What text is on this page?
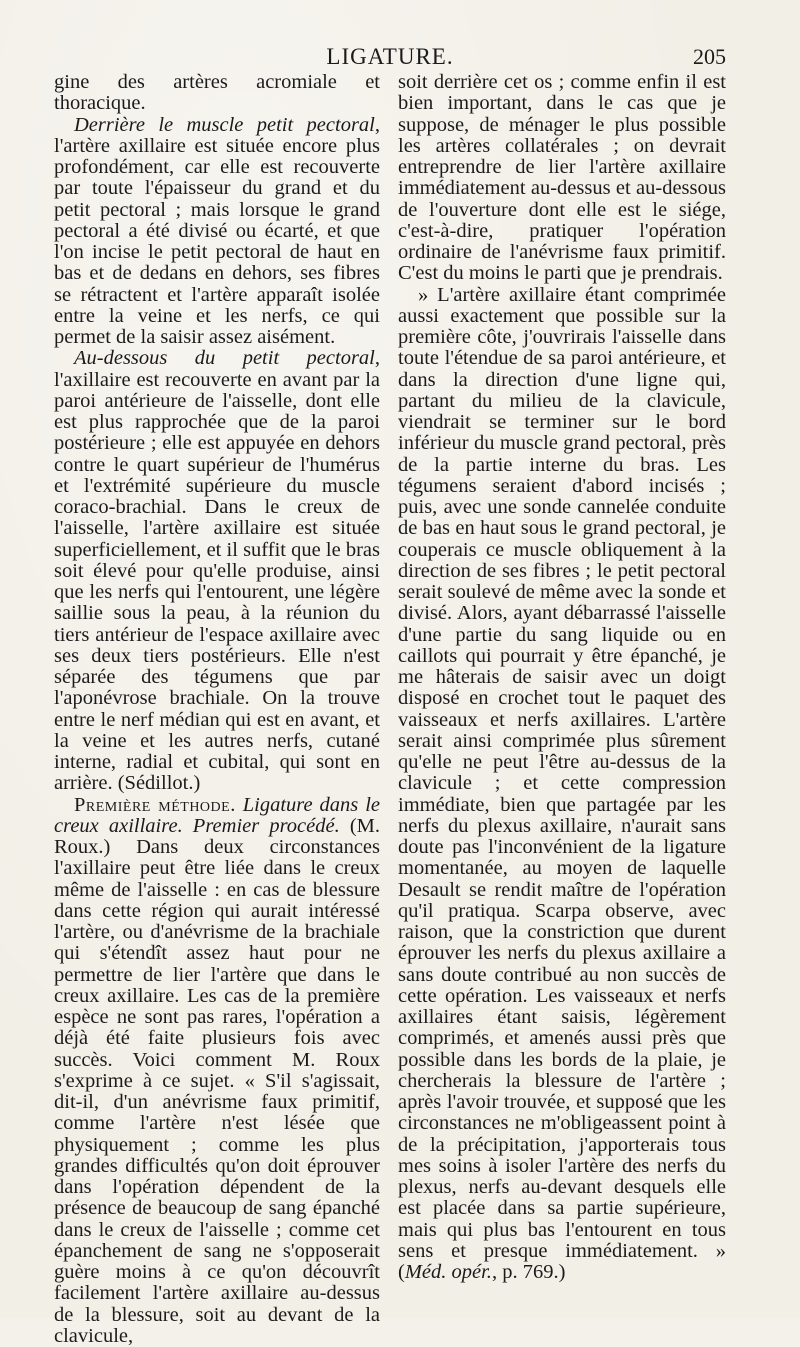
LIGATURE.	205

gine des artères acromiale et thoracique.

Derrière le muscle petit pectoral, l'artère axillaire est située encore plus profondément, car elle est recouverte par toute l'épaisseur du grand et du petit pectoral ; mais lorsque le grand pectoral a été divisé ou écarté, et que l'on incise le petit pectoral de haut en bas et de dedans en dehors, ses fibres se rétractent et l'artère apparaît isolée entre la veine et les nerfs, ce qui permet de la saisir assez aisément.

Au-dessous du petit pectoral, l'axillaire est recouverte en avant par la paroi antérieure de l'aisselle, dont elle est plus rapprochée que de la paroi postérieure ; elle est appuyée en dehors contre le quart supérieur de l'humérus et l'extrémité supérieure du muscle coraco-brachial. Dans le creux de l'aisselle, l'artère axillaire est située superficiellement, et il suffit que le bras soit élevé pour qu'elle produise, ainsi que les nerfs qui l'entourent, une légère saillie sous la peau, à la réunion du tiers antérieur de l'espace axillaire avec ses deux tiers postérieurs. Elle n'est séparée des tégumens que par l'aponévrose brachiale. On la trouve entre le nerf médian qui est en avant, et la veine et les autres nerfs, cutané interne, radial et cubital, qui sont en arrière. (Sédillot.)

Première méthode. Ligature dans le creux axillaire. Premier procédé. (M. Roux.) Dans deux circonstances l'axillaire peut être liée dans le creux même de l'aisselle : en cas de blessure dans cette région qui aurait intéressé l'artère, ou d'anévrisme de la brachiale qui s'étendît assez haut pour ne permettre de lier l'artère que dans le creux axillaire. Les cas de la première espèce ne sont pas rares, l'opération a déjà été faite plusieurs fois avec succès. Voici comment M. Roux s'exprime à ce sujet. « S'il s'agissait, dit-il, d'un anévrisme faux primitif, comme l'artère n'est lésée que physiquement ; comme les plus grandes difficultés qu'on doit éprouver dans l'opération dépendent de la présence de beaucoup de sang épanché dans le creux de l'aisselle ; comme cet épanchement de sang ne s'opposerait guère moins à ce qu'on découvrît facilement l'artère axillaire au-dessus de la blessure, soit au devant de la clavicule,

soit derrière cet os ; comme enfin il est bien important, dans le cas que je suppose, de ménager le plus possible les artères collatérales ; on devrait entreprendre de lier l'artère axillaire immédiatement au-dessus et au-dessous de l'ouverture dont elle est le siége, c'est-à-dire, pratiquer l'opération ordinaire de l'anévrisme faux primitif. C'est du moins le parti que je prendrais.

» L'artère axillaire étant comprimée aussi exactement que possible sur la première côte, j'ouvrirais l'aisselle dans toute l'étendue de sa paroi antérieure, et dans la direction d'une ligne qui, partant du milieu de la clavicule, viendrait se terminer sur le bord inférieur du muscle grand pectoral, près de la partie interne du bras. Les tégumens seraient d'abord incisés ; puis, avec une sonde cannelée conduite de bas en haut sous le grand pectoral, je couperais ce muscle obliquement à la direction de ses fibres ; le petit pectoral serait soulevé de même avec la sonde et divisé. Alors, ayant débarrassé l'aisselle d'une partie du sang liquide ou en caillots qui pourrait y être épanché, je me hâterais de saisir avec un doigt disposé en crochet tout le paquet des vaisseaux et nerfs axillaires. L'artère serait ainsi comprimée plus sûrement qu'elle ne peut l'être au-dessus de la clavicule ; et cette compression immédiate, bien que partagée par les nerfs du plexus axillaire, n'aurait sans doute pas l'inconvénient de la ligature momentanée, au moyen de laquelle Desault se rendit maître de l'opération qu'il pratiqua. Scarpa observe, avec raison, que la constriction que durent éprouver les nerfs du plexus axillaire a sans doute contribué au non succès de cette opération. Les vaisseaux et nerfs axillaires étant saisis, légèrement comprimés, et amenés aussi près que possible dans les bords de la plaie, je chercherais la blessure de l'artère ; après l'avoir trouvée, et supposé que les circonstances ne m'obligeassent point à de la précipitation, j'apporterais tous mes soins à isoler l'artère des nerfs du plexus, nerfs au-devant desquels elle est placée dans sa partie supérieure, mais qui plus bas l'entourent en tous sens et presque immédiatement. » (Méd. opér., p. 769.)
